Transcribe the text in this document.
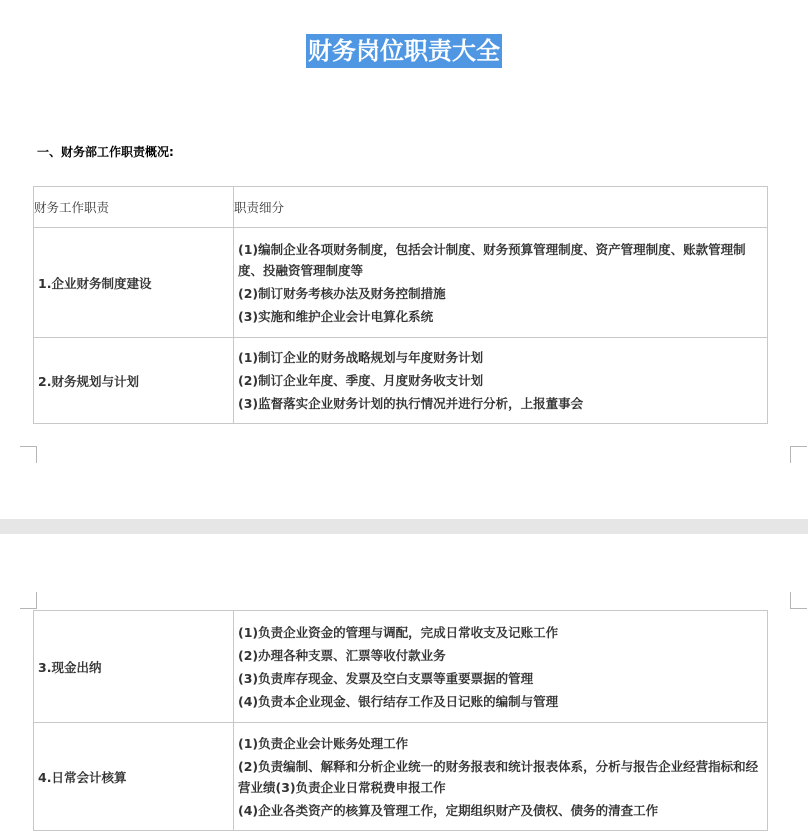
财务岗位职责大全
一、财务部工作职责概况:
财务工作职责	职责细分
1.企业财务制度建设	(1)编制企业各项财务制度，包括会计制度、财务预算管理制度、资产管理制度、账款管理制度、投融资管理制度等
(2)制订财务考核办法及财务控制措施
(3)实施和维护企业会计电算化系统

2.财务规划与计划	(1)制订企业的财务战略规划与年度财务计划
(2)制订企业年度、季度、月度财务收支计划
(3)监督落实企业财务计划的执行情况并进行分析，上报董事会
3.现金出纳	(1)负责企业资金的管理与调配，完成日常收支及记账工作
(2)办理各种支票、汇票等收付款业务
(3)负责库存现金、发票及空白支票等重要票据的管理
(4)负责本企业现金、银行结存工作及日记账的编制与管理

4.日常会计核算	(1)负责企业会计账务处理工作
(2)负责编制、解释和分析企业统一的财务报表和统计报表体系，分析与报告企业经营指标和经营业绩(3)负责企业日常税费申报工作
(4)企业各类资产的核算及管理工作，定期组织财产及债权、债务的清查工作
